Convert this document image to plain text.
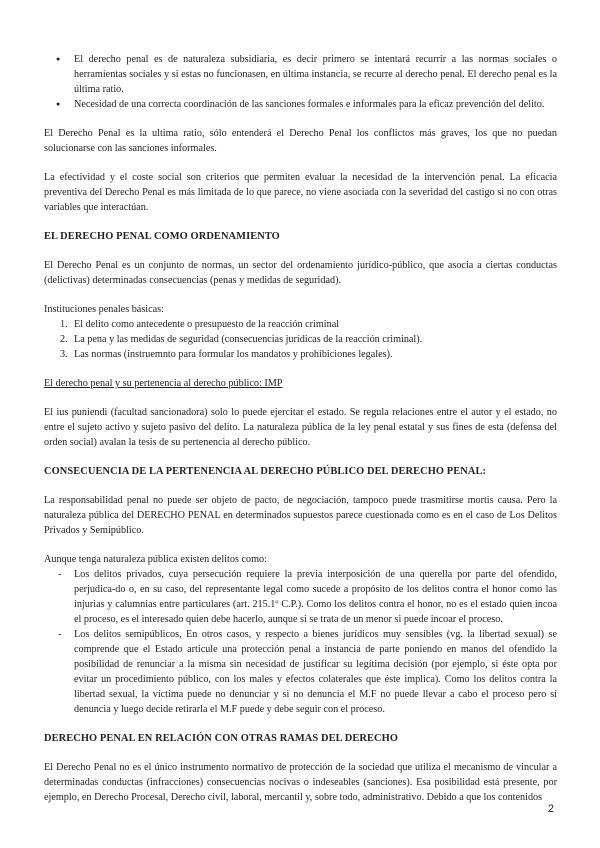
● El derecho penal es de naturaleza subsidiaria, es decir primero se intentará recurrir a las normas sociales o herramientas sociales y si estas no funcionasen, en última instancia, se recurre al derecho penal. El derecho penal es la última ratio.
● Necesidad de una correcta coordinación de las sanciones formales e informales para la eficaz prevención del delito.

El Derecho Penal es la ultima ratio, sólo entenderá el Derecho Penal los conflictos más graves, los que no puedan solucionarse con las sanciones informales.

La efectividad y el coste social son criterios que permiten evaluar la necesidad de la intervención penal. La eficacia preventiva del Derecho Penal es más limitada de lo que parece, no viene asociada con la severidad del castigo si no con otras variables que interactúan.

EL DERECHO PENAL COMO ORDENAMIENTO

El Derecho Penal es un conjunto de normas, un sector del ordenamiento jurídico-público, que asocia a ciertas conductas (delictivas) determinadas consecuencias (penas y medidas de seguridad).

Instituciones penales básicas:

1. El delito como antecedente o presupuesto de la reacción criminal
2. La pena y las medidas de seguridad (consecuencias jurídicas de la reacción criminal).
3. Las normas (instruemnto para formular los mandatos y prohibiciones legales).

El derecho penal y su pertenencia al derecho público: IMP

El ius puniendi (facultad sancionadora) solo lo puede ejercitar el estado. Se regula relaciones entre el autor y el estado, no entre el sujeto activo y sujeto pasivo del delito. La naturaleza pública de la ley penal estatal y sus fines de esta (defensa del orden social) avalan la tesis de su pertenencia al derecho público.

CONSECUENCIA DE LA PERTENENCIA AL DERECHO PÚBLICO DEL DERECHO PENAL:

La responsabilidad penal no puede ser objeto de pacto, de negociación, tampoco puede trasmitirse mortis causa. Pero la naturaleza pública del DERECHO PENAL en determinados supuestos parece cuestionada como es en el caso de Los Delitos Privados y Semipúblico.

Aunque tenga naturaleza pública existen delitos como:

- Los delitos privados, cuya persecución requiere la previa interposición de una querella por parte del ofendido, perjudica-do o, en su caso, del representante legal como sucede a propósito de los delitos contra el honor como las injurias y calumnias entre particulares (art. 215.1º C.P.). Como los delitos contra el honor, no es el estado quien incoa el proceso, es el interesado quien debe hacerlo, aunque si se trata de un menor si puede incoar el proceso.
- Los delitos semipúblicos, En otros casos, y respecto a bienes jurídicos muy sensibles (vg. la libertad sexual) se comprende que el Estado articule una protección penal a instancia de parte poniendo en manos del ofendido la posibilidad de renunciar a la misma sin necesidad de justificar su legítima decisión (por ejemplo, si éste opta por evitar un procedimiento público, con los males y efectos colaterales que éste implica). Como los delitos contra la libertad sexual, la víctima puede no denunciar y si no denuncia el M.F no puede llevar a cabo el proceso pero sí denuncia y luego decide retirarla el M.F puede y debe seguir con el proceso.
DERECHO PENAL EN RELACIÓN CON OTRAS RAMAS DEL DERECHO

El Derecho Penal no es el único instrumento normativo de protección de la sociedad que utiliza el mecanismo de vincular a determinadas conductas (infracciones) consecuencias nocivas o indeseables (sanciones). Esa posibilidad está presente, por ejemplo, en Derecho Procesal, Derecho civil, laboral, mercantil y, sobre todo, administrativo. Debido a que los contenidos

2
